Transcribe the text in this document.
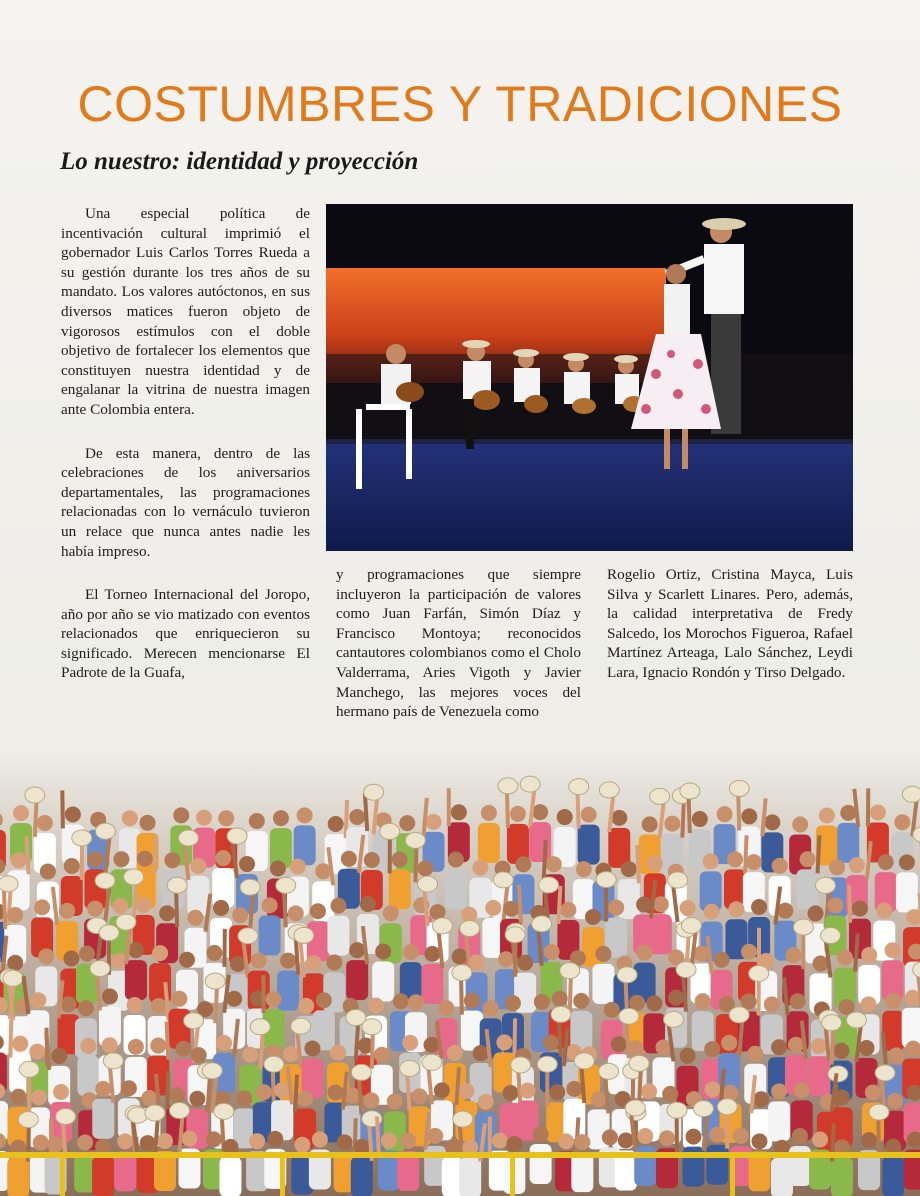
COSTUMBRES Y TRADICIONES
Lo nuestro: identidad y proyección

Una especial política de incentivación cultural imprimió el gobernador Luis Carlos Torres Rueda a su gestión durante los tres años de su mandato. Los valores autóctonos, en sus diversos matices fueron objeto de vigorosos estímulos con el doble objetivo de fortalecer los elementos que constituyen nuestra identidad y de engalanar la vitrina de nuestra imagen ante Colombia entera.

De esta manera, dentro de las celebraciones de los aniversarios departamentales, las programaciones relacionadas con lo vernáculo tuvieron un relace que nunca antes nadie les había impreso.

El Torneo Internacional del Joropo, año por año se vio matizado con eventos relacionados que enriquecieron su significado. Merecen mencionarse El Padrote de la Guafa,

y programaciones que siempre incluyeron la participación de valores como Juan Farfán, Simón Díaz y Francisco Montoya; reconocidos cantautores colombianos como el Cholo Valderrama, Aries Vigoth y Javier Manchego, las mejores voces del hermano país de Venezuela como

Rogelio Ortiz, Cristina Mayca, Luis Silva y Scarlett Linares. Pero, además, la calidad interpretativa de Fredy Salcedo, los Morochos Figueroa, Rafael Martínez Arteaga, Lalo Sánchez, Leydi Lara, Ignacio Rondón y Tirso Delgado.
